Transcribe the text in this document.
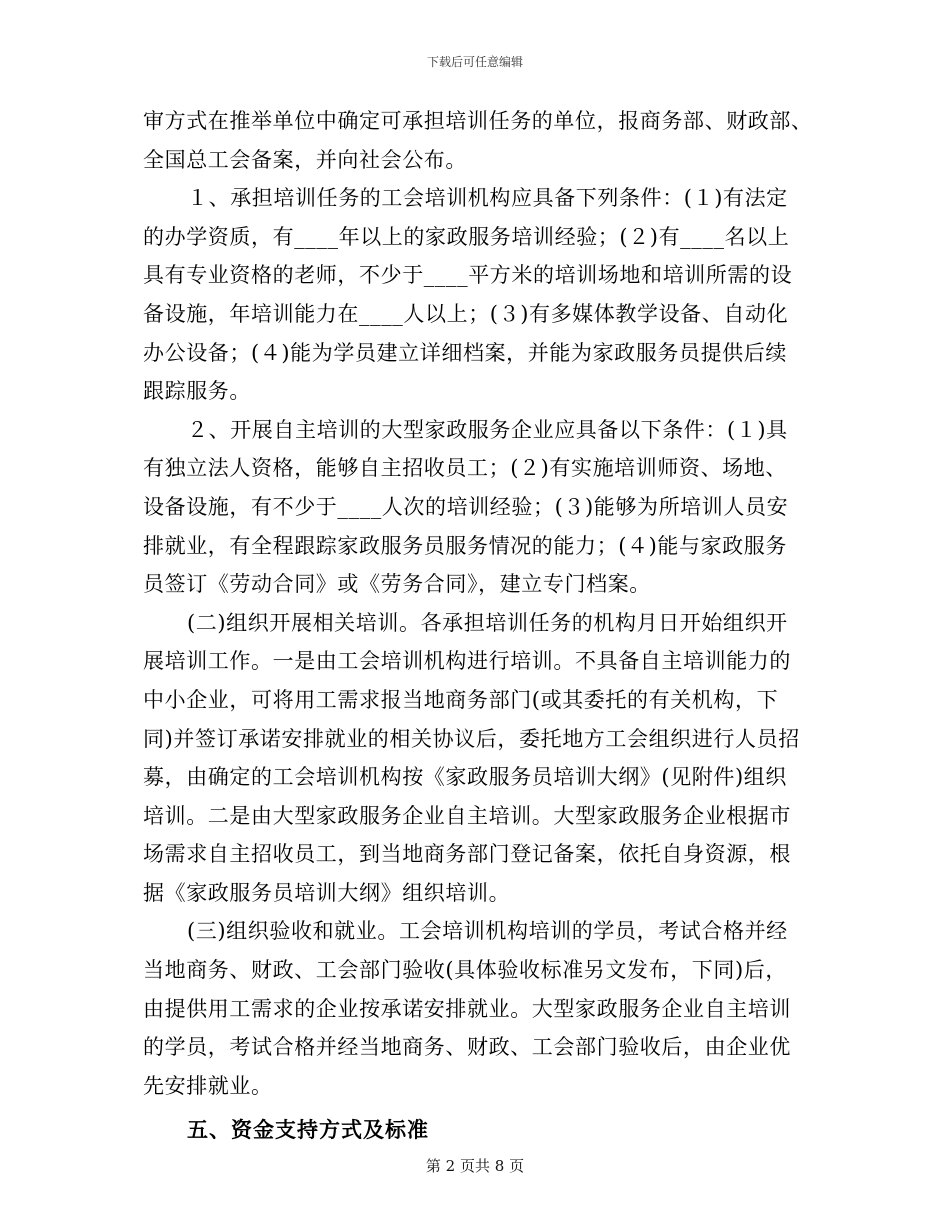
下载后可任意编辑

审方式在推举单位中确定可承担培训任务的单位，报商务部、财政部、
全国总工会备案，并向社会公布。

１、承担培训任务的工会培训机构应具备下列条件：(１)有法定
的办学资质，有____年以上的家政服务培训经验；(２)有____名以上
具有专业资格的老师，不少于____平方米的培训场地和培训所需的设
备设施，年培训能力在____人以上；(３)有多媒体教学设备、自动化
办公设备；(４)能为学员建立详细档案，并能为家政服务员提供后续
跟踪服务。

２、开展自主培训的大型家政服务企业应具备以下条件：(１)具
有独立法人资格，能够自主招收员工；(２)有实施培训师资、场地、
设备设施，有不少于____人次的培训经验；(３)能够为所培训人员安
排就业，有全程跟踪家政服务员服务情况的能力；(４)能与家政服务
员签订《劳动合同》或《劳务合同》，建立专门档案。

(二)组织开展相关培训。各承担培训任务的机构月日开始组织开
展培训工作。一是由工会培训机构进行培训。不具备自主培训能力的
中小企业，可将用工需求报当地商务部门(或其委托的有关机构，下
同)并签订承诺安排就业的相关协议后，委托地方工会组织进行人员招
募，由确定的工会培训机构按《家政服务员培训大纲》(见附件)组织
培训。二是由大型家政服务企业自主培训。大型家政服务企业根据市
场需求自主招收员工，到当地商务部门登记备案，依托自身资源，根
据《家政服务员培训大纲》组织培训。

(三)组织验收和就业。工会培训机构培训的学员，考试合格并经
当地商务、财政、工会部门验收(具体验收标准另文发布，下同)后，
由提供用工需求的企业按承诺安排就业。大型家政服务企业自主培训
的学员，考试合格并经当地商务、财政、工会部门验收后，由企业优
先安排就业。

五、资金支持方式及标准
第 2 页共 8 页
